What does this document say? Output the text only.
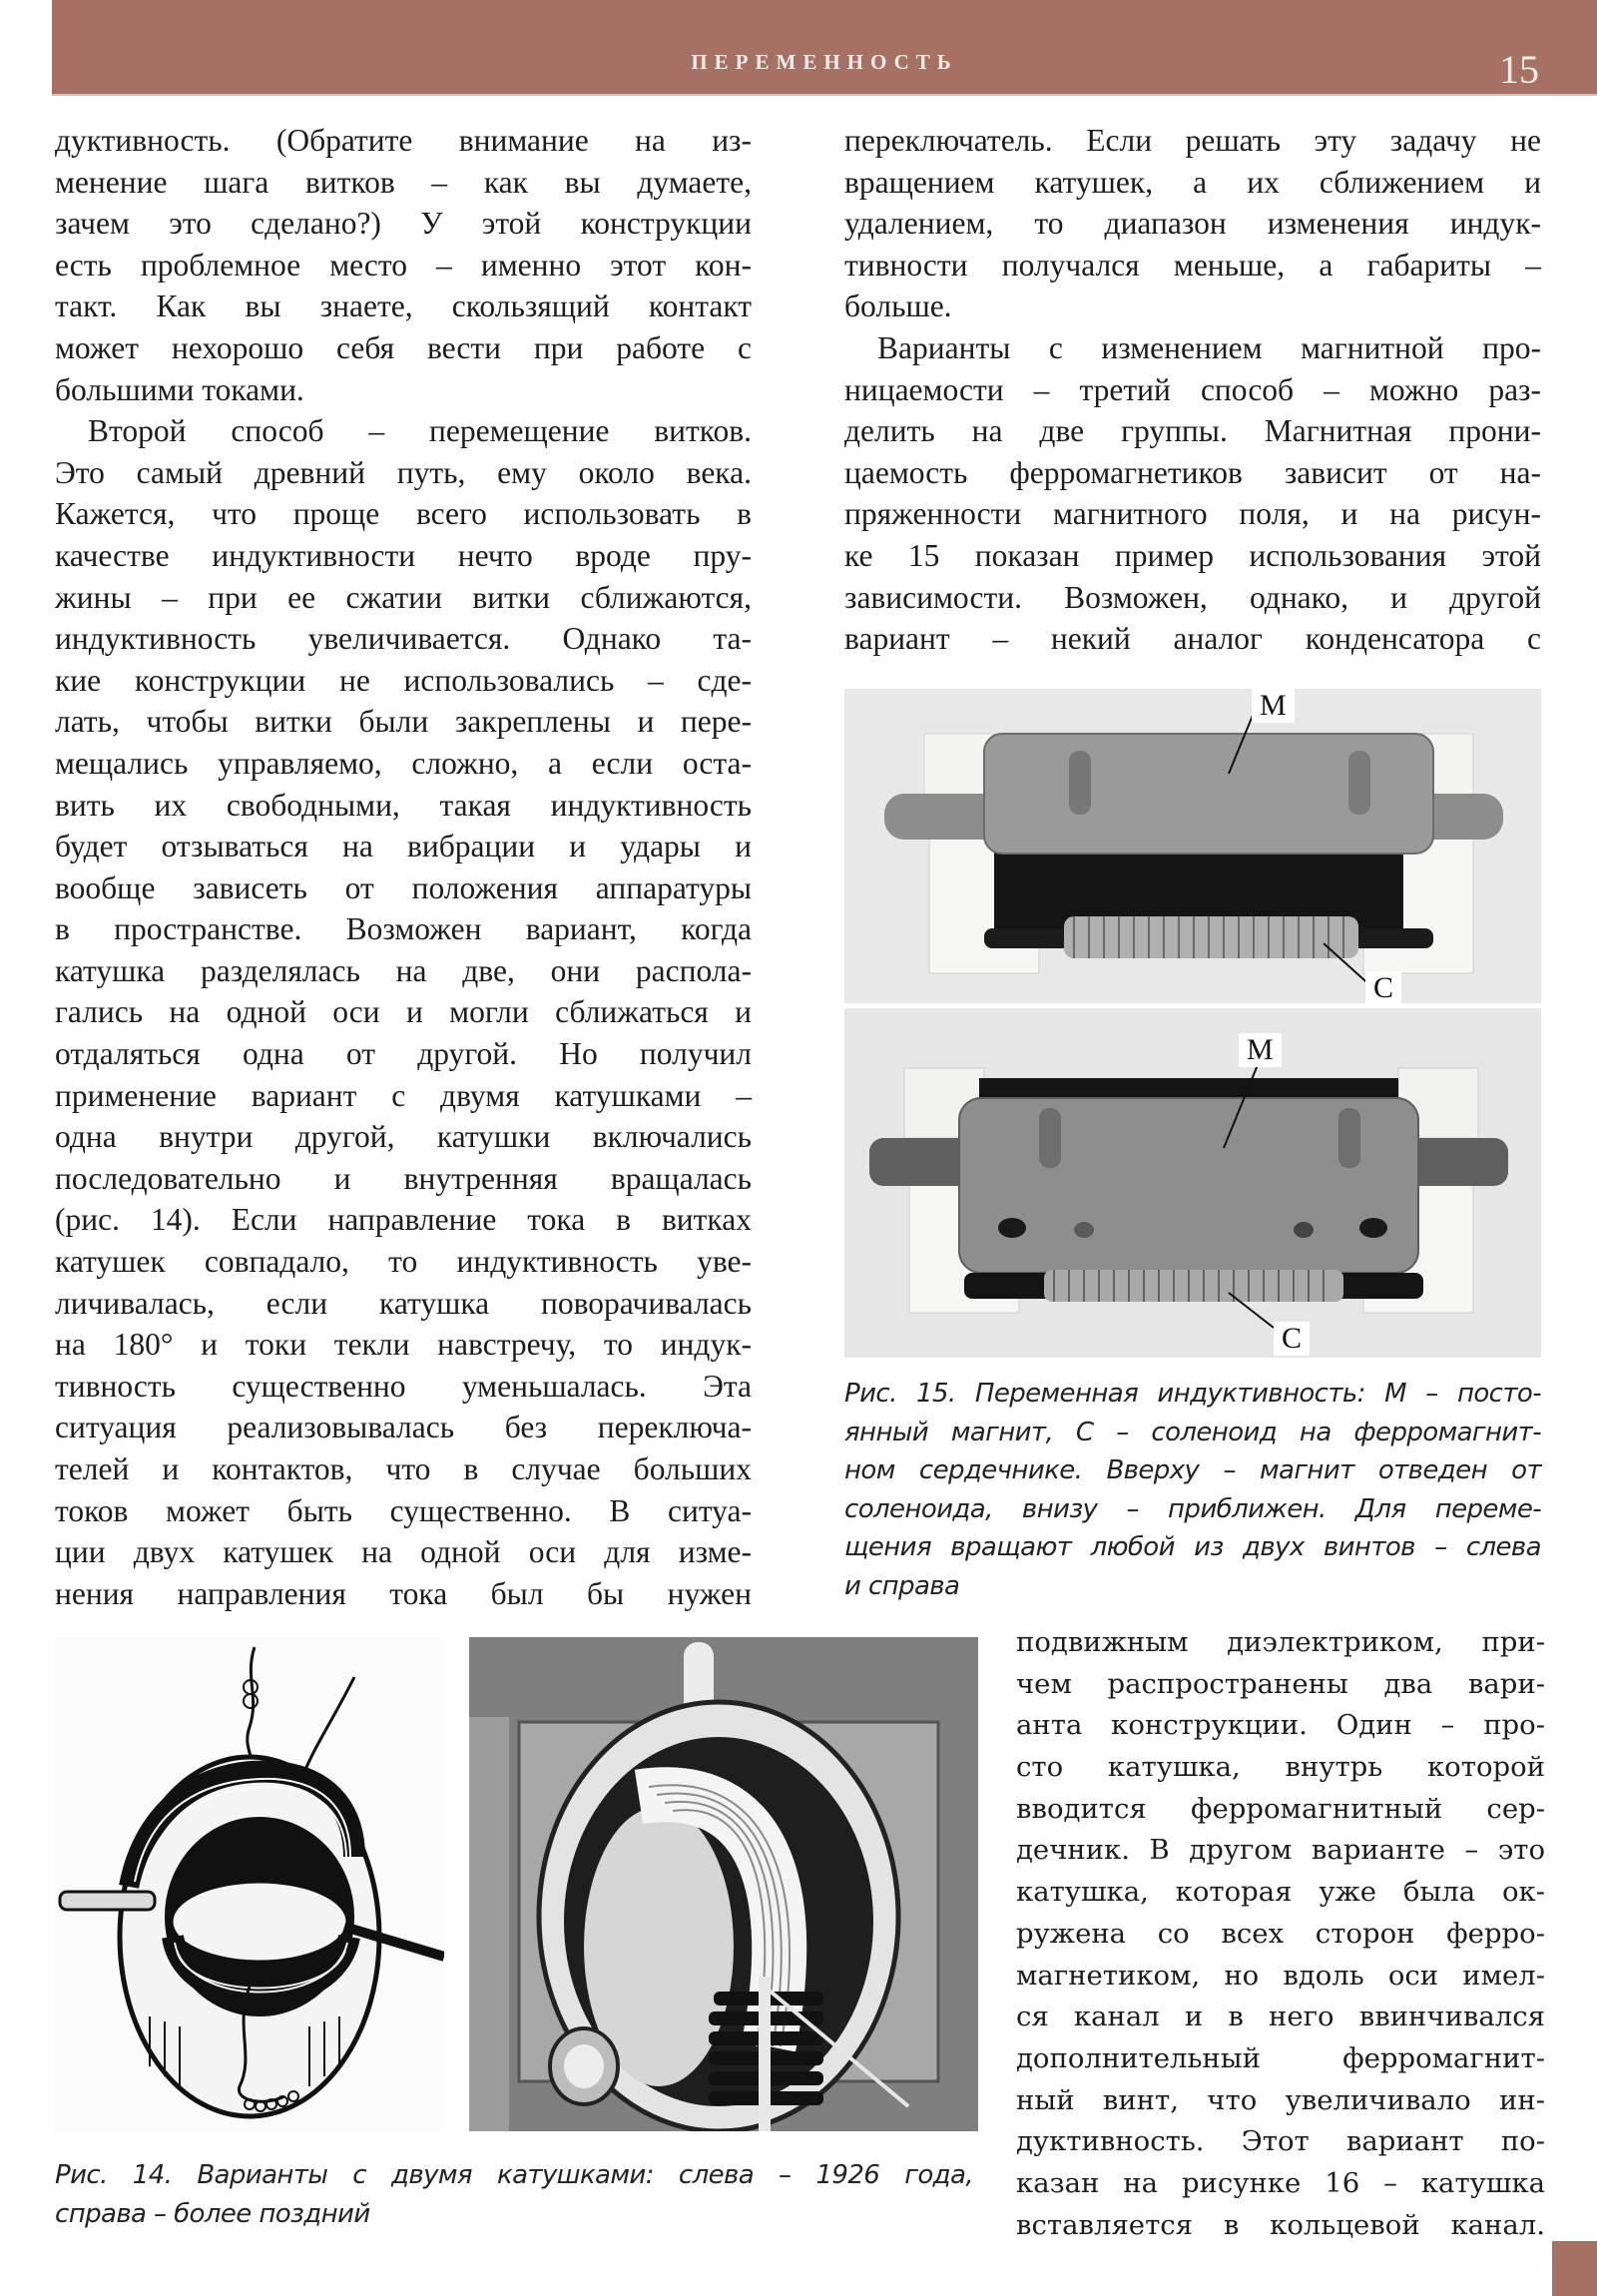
ПЕРЕМЕННОСТЬ	15
дуктивность. (Обратите внимание на из-
менение шага витков – как вы думаете,
зачем это сделано?) У этой конструкции
есть проблемное место – именно этот кон-
такт. Как вы знаете, скользящий контакт
может нехорошо себя вести при работе с
большими токами.
Второй способ – перемещение витков.
Это самый древний путь, ему около века.
Кажется, что проще всего использовать в
качестве индуктивности нечто вроде пру-
жины – при ее сжатии витки сближаются,
индуктивность увеличивается. Однако та-
кие конструкции не использовались – сде-
лать, чтобы витки были закреплены и пере-
мещались управляемо, сложно, а если оста-
вить их свободными, такая индуктивность
будет отзываться на вибрации и удары и
вообще зависеть от положения аппаратуры
в пространстве. Возможен вариант, когда
катушка разделялась на две, они распола-
гались на одной оси и могли сближаться и
отдаляться одна от другой. Но получил
применение вариант с двумя катушками –
одна внутри другой, катушки включались
последовательно и внутренняя вращалась
(рис. 14). Если направление тока в витках
катушек совпадало, то индуктивность уве-
личивалась, если катушка поворачивалась
на 180° и токи текли навстречу, то индук-
тивность существенно уменьшалась. Эта
ситуация реализовывалась без переключа-
телей и контактов, что в случае больших
токов может быть существенно. В ситуа-
ции двух катушек на одной оси для изме-
нения направления тока был бы нужен
переключатель. Если решать эту задачу не
вращением катушек, а их сближением и
удалением, то диапазон изменения индук-
тивности получался меньше, а габариты –
больше.
Варианты с изменением магнитной про-
ницаемости – третий способ – можно раз-
делить на две группы. Магнитная прони-
цаемость ферромагнетиков зависит от на-
пряженности магнитного поля, и на рисун-
ке 15 показан пример использования этой
зависимости. Возможен, однако, и другой
вариант – некий аналог конденсатора с
M
C
M
C
Рис. 15. Переменная индуктивность: М – посто-
янный магнит, С – соленоид на ферромагнит-
ном сердечнике. Вверху – магнит отведен от
соленоида, внизу – приближен. Для переме-
щения вращают любой из двух винтов – слева
и справа
подвижным диэлектриком, при-
чем распространены два вари-
анта конструкции. Один – про-
сто катушка, внутрь которой
вводится ферромагнитный сер-
дечник. В другом варианте – это
катушка, которая уже была ок-
ружена со всех сторон ферро-
магнетиком, но вдоль оси имел-
ся канал и в него ввинчивался
дополнительный ферромагнит-
ный винт, что увеличивало ин-
дуктивность. Этот вариант по-
казан на рисунке 16 – катушка
вставляется в кольцевой канал.
Рис. 14. Варианты с двумя катушками: слева – 1926 года,
справа – более поздний
